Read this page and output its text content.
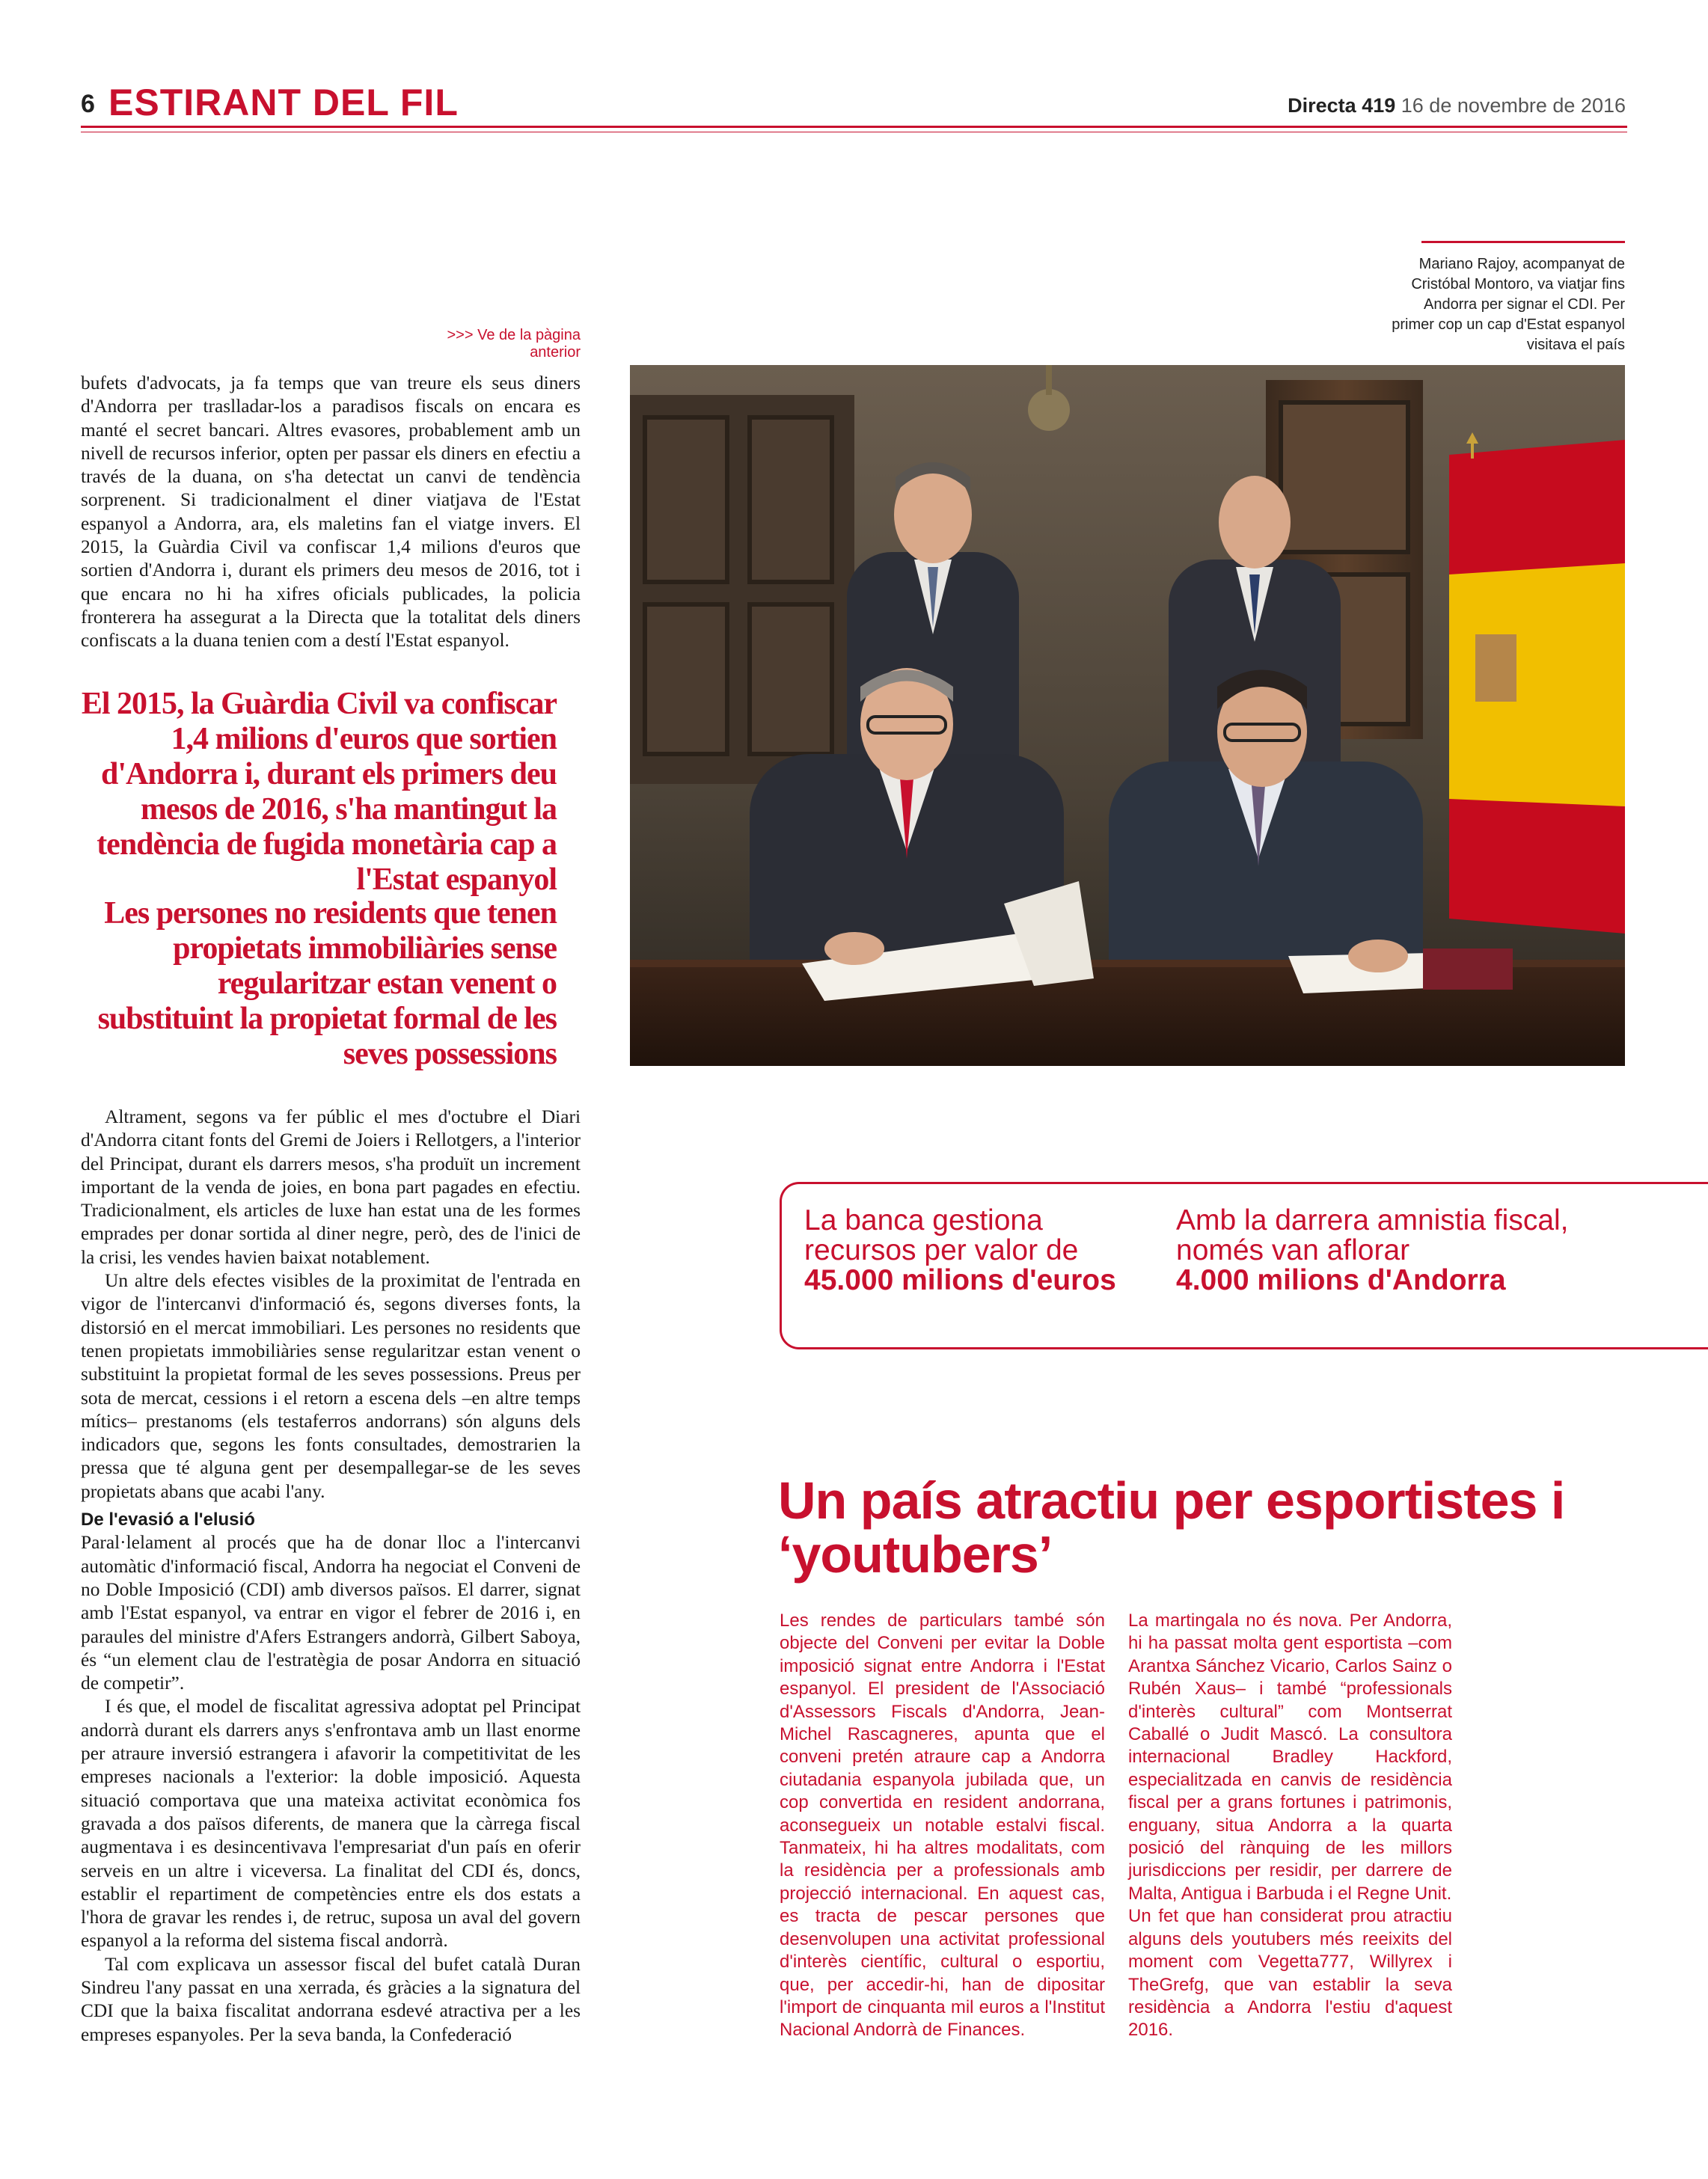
6 ESTIRANT DEL FIL	Directa 419 16 de novembre de 2016
>>> Ve de la pàgina anterior

bufets d'advocats, ja fa temps que van treure els seus diners d'Andorra per traslladar-los a paradisos fiscals on encara es manté el secret bancari. Altres evasores, probablement amb un nivell de recursos inferior, opten per passar els diners en efectiu a través de la duana, on s'ha detectat un canvi de tendència sorprenent. Si tradicionalment el diner viatjava de l'Estat espanyol a Andorra, ara, els maletins fan el viatge invers. El 2015, la Guàrdia Civil va confiscar 1,4 milions d'euros que sortien d'Andorra i, durant els primers deu mesos de 2016, tot i que encara no hi ha xifres oficials publicades, la policia fronterera ha assegurat a la Directa que la totalitat dels diners confiscats a la duana tenien com a destí l'Estat espanyol.

El 2015, la Guàrdia Civil va confiscar 1,4 milions d'euros que sortien d'Andorra i, durant els primers deu mesos de 2016, s'ha mantingut la tendència de fugida monetària cap a l'Estat espanyol
Les persones no residents que tenen propietats immobiliàries sense regularitzar estan venent o substituint la propietat formal de les seves possessions

Altrament, segons va fer públic el mes d'octubre el Diari d'Andorra citant fonts del Gremi de Joiers i Rellotgers, a l'interior del Principat, durant els darrers mesos, s'ha produït un increment important de la venda de joies, en bona part pagades en efectiu. Tradicionalment, els articles de luxe han estat una de les formes emprades per donar sortida al diner negre, però, des de l'inici de la crisi, les vendes havien baixat notablement.

Un altre dels efectes visibles de la proximitat de l'entrada en vigor de l'intercanvi d'informació és, segons diverses fonts, la distorsió en el mercat immobiliari. Les persones no residents que tenen propietats immobiliàries sense regularitzar estan venent o substituint la propietat formal de les seves possessions. Preus per sota de mercat, cessions i el retorn a escena dels –en altre temps mítics– prestanoms (els testaferros andorrans) són alguns dels indicadors que, segons les fonts consultades, demostrarien la pressa que té alguna gent per desempallegar-se de les seves propietats abans que acabi l'any.

De l'evasió a l'elusió

Paral·lelament al procés que ha de donar lloc a l'intercanvi automàtic d'informació fiscal, Andorra ha negociat el Conveni de no Doble Imposició (CDI) amb diversos països. El darrer, signat amb l'Estat espanyol, va entrar en vigor el febrer de 2016 i, en paraules del ministre d'Afers Estrangers andorrà, Gilbert Saboya, és “un element clau de l'estratègia de posar Andorra en situació de competir”.

I és que, el model de fiscalitat agressiva adoptat pel Principat andorrà durant els darrers anys s'enfrontava amb un llast enorme per atraure inversió estrangera i afavorir la competitivitat de les empreses nacionals a l'exterior: la doble imposició. Aquesta situació comportava que una mateixa activitat econòmica fos gravada a dos països diferents, de manera que la càrrega fiscal augmentava i es desincentivava l'empresariat d'un país en oferir serveis en un altre i viceversa. La finalitat del CDI és, doncs, establir el repartiment de competències entre els dos estats a l'hora de gravar les rendes i, de retruc, suposa un aval del govern espanyol a la reforma del sistema fiscal andorrà.

Tal com explicava un assessor fiscal del bufet català Duran Sindreu l'any passat en una xerrada, és gràcies a la signatura del CDI que la baixa fiscalitat andorrana esdevé atractiva per a les empreses espanyoles. Per la seva banda, la Confederació

Mariano Rajoy, acompanyat de Cristóbal Montoro, va viatjar fins Andorra per signar el CDI. Per primer cop un cap d'Estat espanyol visitava el país
La banca gestiona recursos per valor de
45.000 milions d'euros
Amb la darrera amnistia fiscal, només van aflorar
4.000 milions d'Andorra
Un país atractiu per esportistes i ‘youtubers’

Les rendes de particulars també són objecte del Conveni per evitar la Doble imposició signat entre Andorra i l'Estat espanyol. El president de l'Associació d'Assessors Fiscals d'Andorra, Jean-Michel Rascagneres, apunta que el conveni pretén atraure cap a Andorra ciutadania espanyola jubilada que, un cop convertida en resident andorrana, aconsegueix un notable estalvi fiscal. Tanmateix, hi ha altres modalitats, com la residència per a professionals amb projecció internacional. En aquest cas, es tracta de pescar persones que desenvolupen una activitat professional d'interès científic, cultural o esportiu, que, per accedir-hi, han de dipositar l'import de cinquanta mil euros a l'Institut Nacional Andorrà de Finances.

La martingala no és nova. Per Andorra, hi ha passat molta gent esportista –com Arantxa Sánchez Vicario, Carlos Sainz o Rubén Xaus– i també “professionals d'interès cultural” com Montserrat Caballé o Judit Mascó. La consultora internacional Bradley Hackford, especialitzada en canvis de residència fiscal per a grans fortunes i patrimonis, enguany, situa Andorra a la quarta posició del rànquing de les millors jurisdiccions per residir, per darrere de Malta, Antigua i Barbuda i el Regne Unit.

Un fet que han considerat prou atractiu alguns dels youtubers més reeixits del moment com Vegetta777, Willyrex i TheGrefg, que van establir la seva residència a Andorra l'estiu d'aquest 2016.
